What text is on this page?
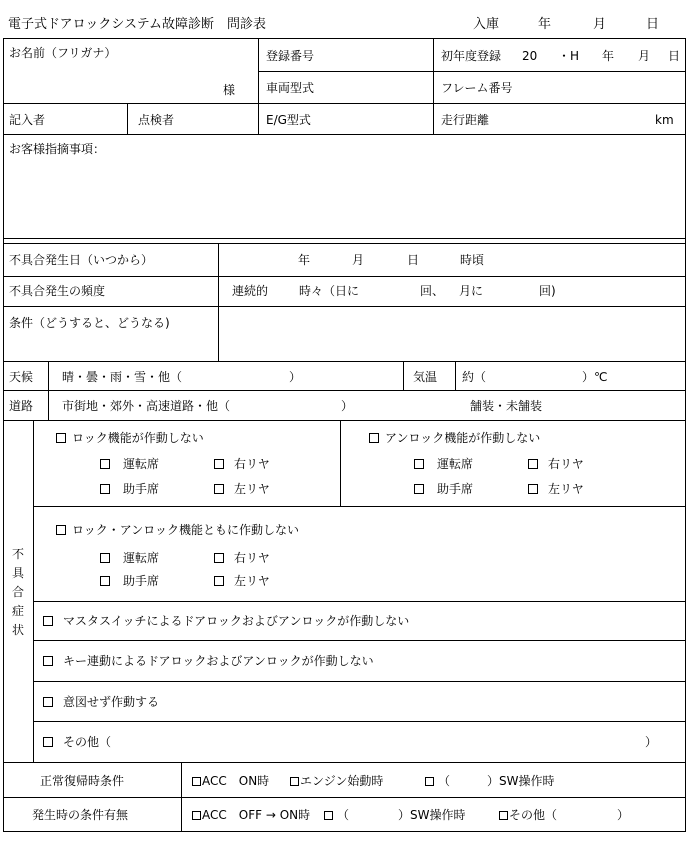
電子式ドアロックシステム故障診断　問診表	入庫	年	月	日
お名前（フリガナ）
様
登録番号	初年度登録 20 ・H 年 月 日
車両型式	フレーム番号
記入者	点検者	E/G型式	走行距離	km
お客様指摘事項：
不具合発生日（いつから）	年	月	日	時頃
不具合発生の頻度	連続的	時々（日に	回、 月に	回)
条件（どうすると、どうなる)
天候 晴・曇・雨・雪・他（	）	気温 約（	）℃
道路 市街地・郊外・高速道路・他（	）	舗装・未舗装
不
具
合
症
状
ロック機能が作動しない
運転席	右リヤ
助手席	左リヤ
アンロック機能が作動しない
運転席	右リヤ
助手席	左リヤ
ロック・アンロック機能ともに作動しない
運転席	右リヤ
助手席	左リヤ
マスタスイッチによるドアロックおよびアンロックが作動しない
キー連動によるドアロックおよびアンロックが作動しない
意図せず作動する
その他（	）
正常復帰時条件	ACC　ON時	エンジン始動時	（	）SW操作時
発生時の条件有無	ACC　OFF → ON時	（	）SW操作時	その他（	）
